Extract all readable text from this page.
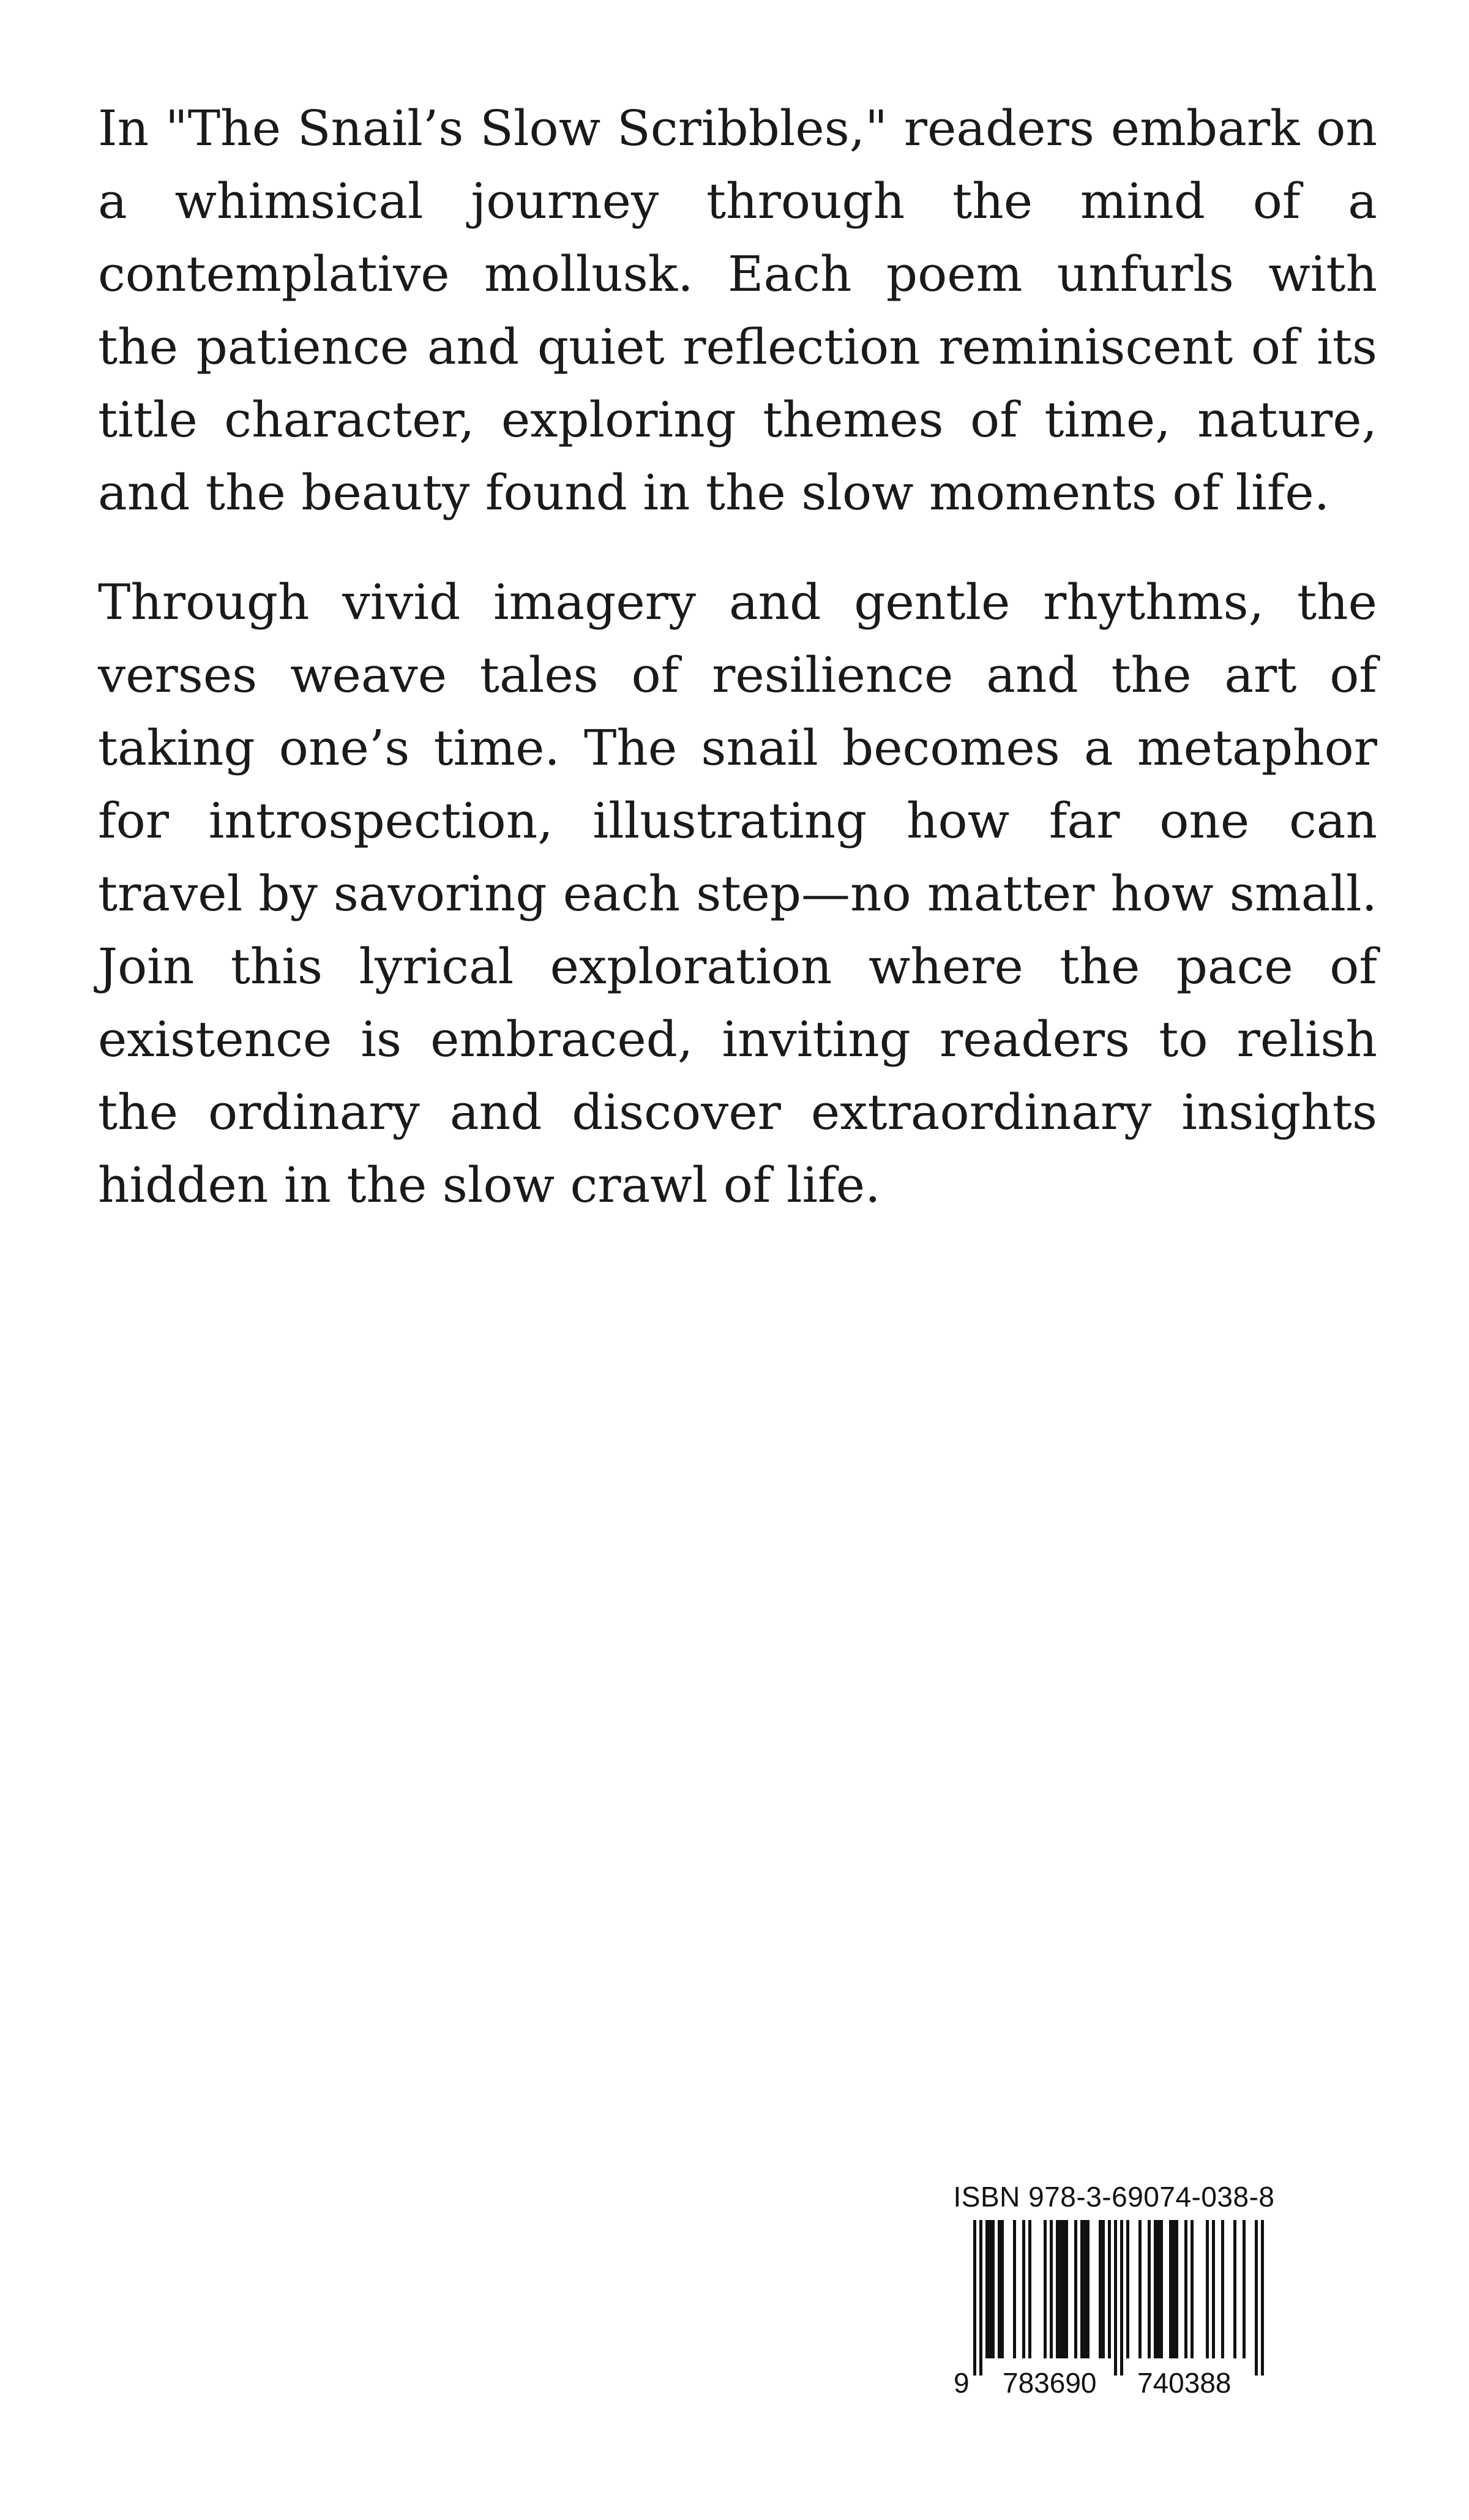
In "The Snail’s Slow Scribbles," readers embark on a whimsical journey through the mind of a contemplative mollusk. Each poem unfurls with the patience and quiet reflection reminiscent of its title character, exploring themes of time, nature, and the beauty found in the slow moments of life.

Through vivid imagery and gentle rhythms, the verses weave tales of resilience and the art of taking one’s time. The snail becomes a metaphor for introspection, illustrating how far one can travel by savoring each step—no matter how small. Join this lyrical exploration where the pace of existence is embraced, inviting readers to relish the ordinary and discover extraordinary insights hidden in the slow crawl of life.

ISBN 978-3-69074-038-8
9 783690 740388
